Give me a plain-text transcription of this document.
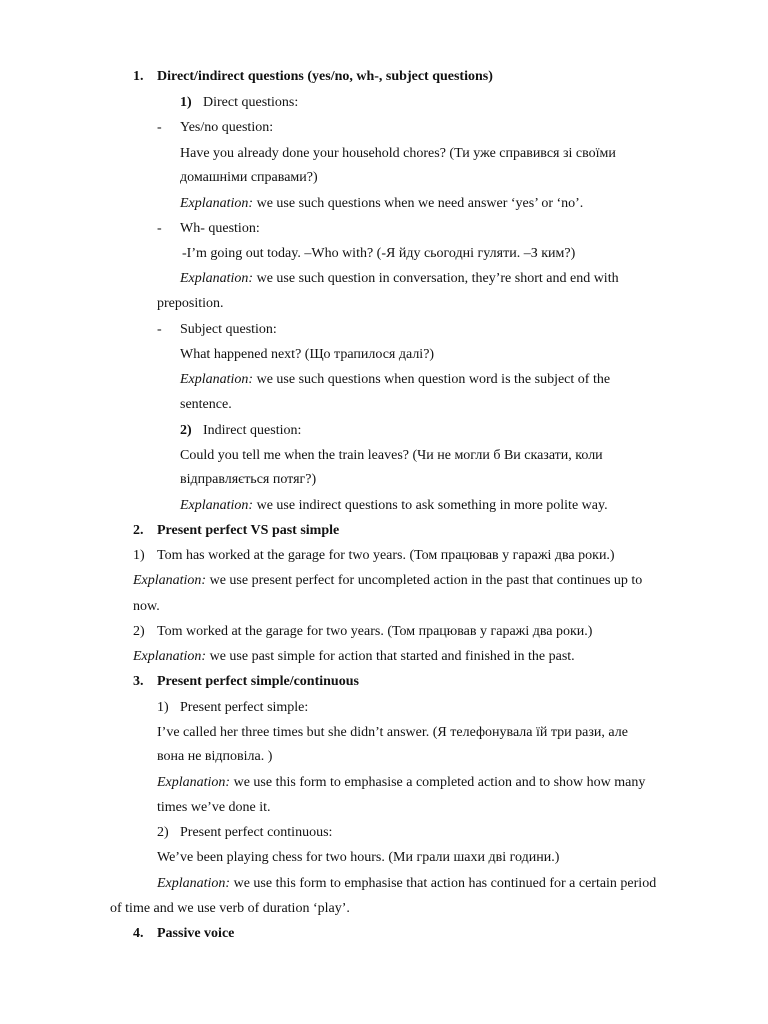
1. Direct/indirect questions (yes/no, wh-, subject questions)
1) Direct questions:
- Yes/no question:
Have you already done your household chores? (Ти уже справився зі своїми
домашніми справами?)
Explanation: we use such questions when we need answer ‘yes’ or ‘no’.
- Wh- question:
-I’m going out today. –Who with? (-Я йду сьогодні гуляти. –З ким?)
Explanation: we use such question in conversation, they’re short and end with
preposition.
- Subject question:
What happened next? (Що трапилося далі?)
Explanation: we use such questions when question word is the subject of the
sentence.
2) Indirect question:
Could you tell me when the train leaves? (Чи не могли б Ви сказати, коли
відправляється потяг?)
Explanation: we use indirect questions to ask something in more polite way.
2. Present perfect VS past simple
1) Tom has worked at the garage for two years. (Том працював у гаражі два роки.)
Explanation: we use present perfect for uncompleted action in the past that continues up to
now.
2) Tom worked at the garage for two years. (Том працював у гаражі два роки.)
Explanation: we use past simple for action that started and finished in the past.
3. Present perfect simple/continuous
1) Present perfect simple:
I’ve called her three times but she didn’t answer. (Я телефонувала їй три рази, але
вона не відповіла. )
Explanation: we use this form to emphasise a completed action and to show how many
times we’ve done it.
2) Present perfect continuous:
We’ve been playing chess for two hours. (Ми грали шахи дві години.)
Explanation: we use this form to emphasise that action has continued for a certain period
of time and we use verb of duration ‘play’.
4. Passive voice
